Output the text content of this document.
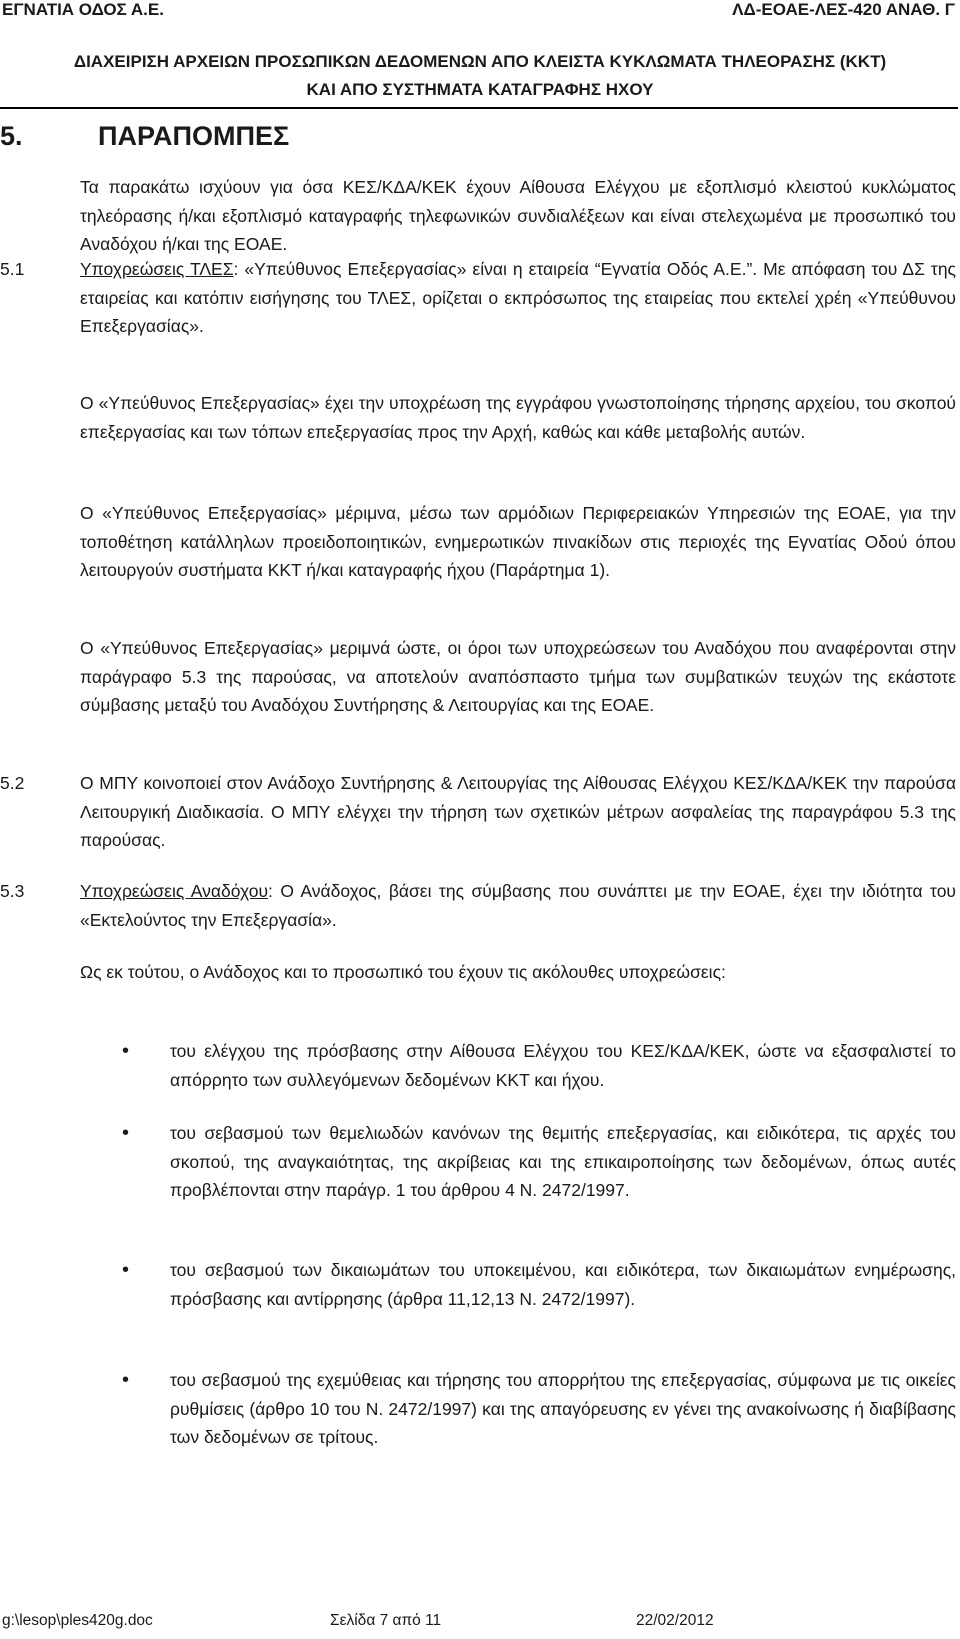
ΕΓΝΑΤΙΑ ΟΔΟΣ Α.Ε.	ΛΔ-ΕΟΑΕ-ΛΕΣ-420 ΑΝΑΘ. Γ
ΔΙΑΧΕΙΡΙΣΗ ΑΡΧΕΙΩΝ ΠΡΟΣΩΠΙΚΩΝ ΔΕΔΟΜΕΝΩΝ ΑΠΟ ΚΛΕΙΣΤΑ ΚΥΚΛΩΜΑΤΑ ΤΗΛΕΟΡΑΣΗΣ (ΚΚΤ)
ΚΑΙ ΑΠΟ ΣΥΣΤΗΜΑΤΑ ΚΑΤΑΓΡΑΦΗΣ ΗΧΟΥ
5.	ΠΑΡΑΠΟΜΠΕΣ
Τα παρακάτω ισχύουν για όσα ΚΕΣ/ΚΔΑ/ΚΕΚ έχουν Αίθουσα Ελέγχου με εξοπλισμό κλειστού κυκλώματος τηλεόρασης ή/και εξοπλισμό καταγραφής τηλεφωνικών συνδιαλέξεων και είναι στελεχωμένα με προσωπικό του Αναδόχου ή/και της ΕΟΑΕ.
5.1	Υποχρεώσεις ΤΛΕΣ: «Υπεύθυνος Επεξεργασίας» είναι η εταιρεία “Εγνατία Οδός Α.Ε.”. Με απόφαση του ΔΣ της εταιρείας και κατόπιν εισήγησης του ΤΛΕΣ, ορίζεται ο εκπρόσωπος της εταιρείας που εκτελεί χρέη «Υπεύθυνου Επεξεργασίας».
Ο «Υπεύθυνος Επεξεργασίας» έχει την υποχρέωση της εγγράφου γνωστοποίησης τήρησης αρχείου, του σκοπού επεξεργασίας και των τόπων επεξεργασίας προς την Αρχή, καθώς και κάθε μεταβολής αυτών.
Ο «Υπεύθυνος Επεξεργασίας» μέριμνα, μέσω των αρμόδιων Περιφερειακών Υπηρεσιών της ΕΟΑΕ, για την τοποθέτηση κατάλληλων προειδοποιητικών, ενημερωτικών πινακίδων στις περιοχές της Εγνατίας Οδού όπου λειτουργούν συστήματα ΚΚΤ ή/και καταγραφής ήχου (Παράρτημα 1).
Ο «Υπεύθυνος Επεξεργασίας» μεριμνά ώστε, οι όροι των υποχρεώσεων του Αναδόχου που αναφέρονται στην παράγραφο 5.3 της παρούσας, να αποτελούν αναπόσπαστο τμήμα των συμβατικών τευχών της εκάστοτε σύμβασης μεταξύ του Αναδόχου Συντήρησης & Λειτουργίας και της ΕΟΑΕ.
5.2	Ο ΜΠΥ κοινοποιεί στον Ανάδοχο Συντήρησης & Λειτουργίας της Αίθουσας Ελέγχου ΚΕΣ/ΚΔΑ/ΚΕΚ την παρούσα Λειτουργική Διαδικασία. Ο ΜΠΥ ελέγχει την τήρηση των σχετικών μέτρων ασφαλείας της παραγράφου 5.3 της παρούσας.
5.3	Υποχρεώσεις Αναδόχου: Ο Ανάδοχος, βάσει της σύμβασης που συνάπτει με την ΕΟΑΕ, έχει την ιδιότητα του «Εκτελούντος την Επεξεργασία».
Ως εκ τούτου, ο Ανάδοχος και το προσωπικό του έχουν τις ακόλουθες υποχρεώσεις:
• του ελέγχου της πρόσβασης στην Αίθουσα Ελέγχου του ΚΕΣ/ΚΔΑ/ΚΕΚ, ώστε να εξασφαλιστεί το απόρρητο των συλλεγόμενων δεδομένων ΚΚΤ και ήχου.
• του σεβασμού των θεμελιωδών κανόνων της θεμιτής επεξεργασίας, και ειδικότερα, τις αρχές του σκοπού, της αναγκαιότητας, της ακρίβειας και της επικαιροποίησης των δεδομένων, όπως αυτές προβλέπονται στην παράγρ. 1 του άρθρου 4 Ν. 2472/1997.
• του σεβασμού των δικαιωμάτων του υποκειμένου, και ειδικότερα, των δικαιωμάτων ενημέρωσης, πρόσβασης και αντίρρησης (άρθρα 11,12,13 Ν. 2472/1997).
• του σεβασμού της εχεμύθειας και τήρησης του απορρήτου της επεξεργασίας, σύμφωνα με τις οικείες ρυθμίσεις (άρθρο 10 του Ν. 2472/1997) και της απαγόρευσης εν γένει της ανακοίνωσης ή διαβίβασης των δεδομένων σε τρίτους.
g:\lesop\ples420g.doc	Σελίδα 7 από 11	22/02/2012
